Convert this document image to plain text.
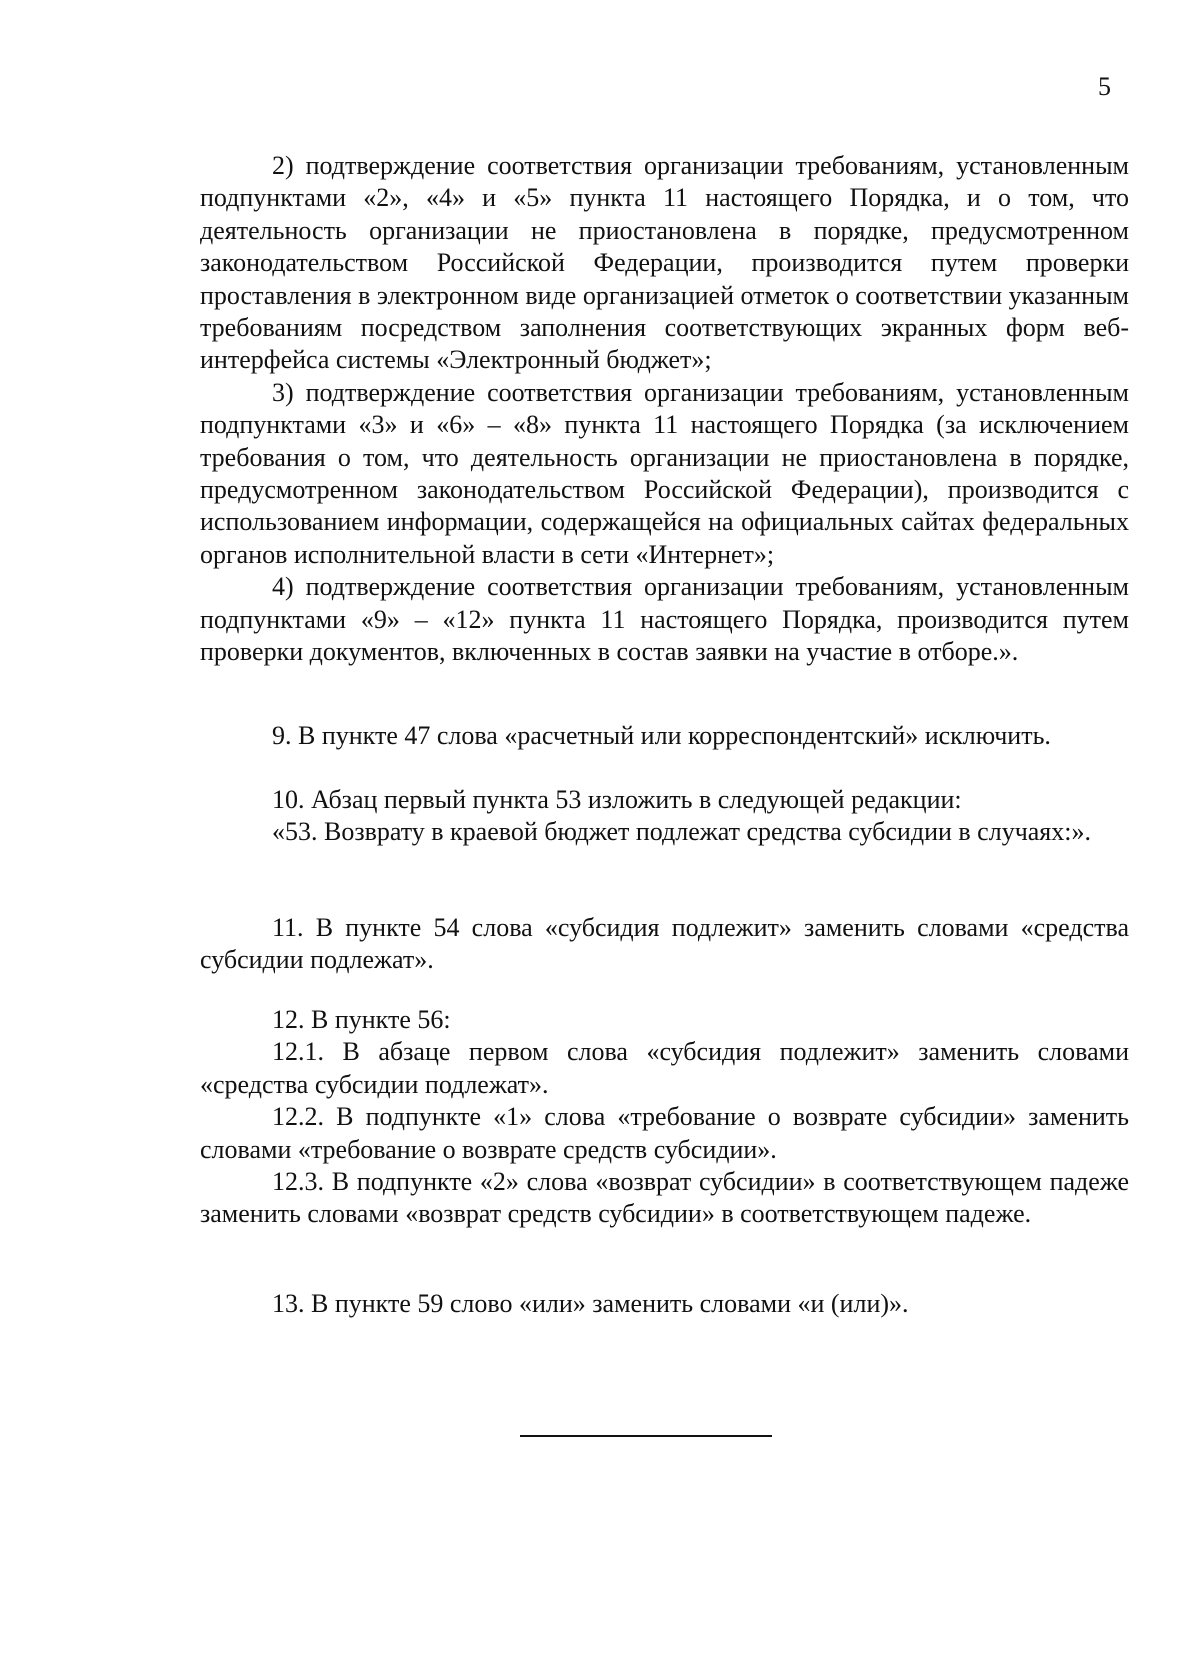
5

2) подтверждение соответствия организации требованиям, установленным подпунктами «2», «4» и «5» пункта 11 настоящего Порядка, и о том, что деятельность организации не приостановлена в порядке, предусмотренном законодательством Российской Федерации, производится путем проверки проставления в электронном виде организацией отметок о соответствии указанным требованиям посредством заполнения соответствующих экранных форм веб-интерфейса системы «Электронный бюджет»;

3) подтверждение соответствия организации требованиям, установленным подпунктами «3» и «6» – «8» пункта 11 настоящего Порядка (за исключением требования о том, что деятельность организации не приостановлена в порядке, предусмотренном законодательством Российской Федерации), производится с использованием информации, содержащейся на официальных сайтах федеральных органов исполнительной власти в сети «Интернет»;

4) подтверждение соответствия организации требованиям, установленным подпунктами «9» – «12» пункта 11 настоящего Порядка, производится путем проверки документов, включенных в состав заявки на участие в отборе.».

9. В пункте 47 слова «расчетный или корреспондентский» исключить.

10. Абзац первый пункта 53 изложить в следующей редакции:

«53. Возврату в краевой бюджет подлежат средства субсидии в случаях:».

11. В пункте 54 слова «субсидия подлежит» заменить словами «средства субсидии подлежат».

12. В пункте 56:

12.1. В абзаце первом слова «субсидия подлежит» заменить словами «средства субсидии подлежат».

12.2. В подпункте «1» слова «требование о возврате субсидии» заменить словами «требование о возврате средств субсидии».

12.3. В подпункте «2» слова «возврат субсидии» в соответствующем падеже заменить словами «возврат средств субсидии» в соответствующем падеже.

13. В пункте 59 слово «или» заменить словами «и (или)».
